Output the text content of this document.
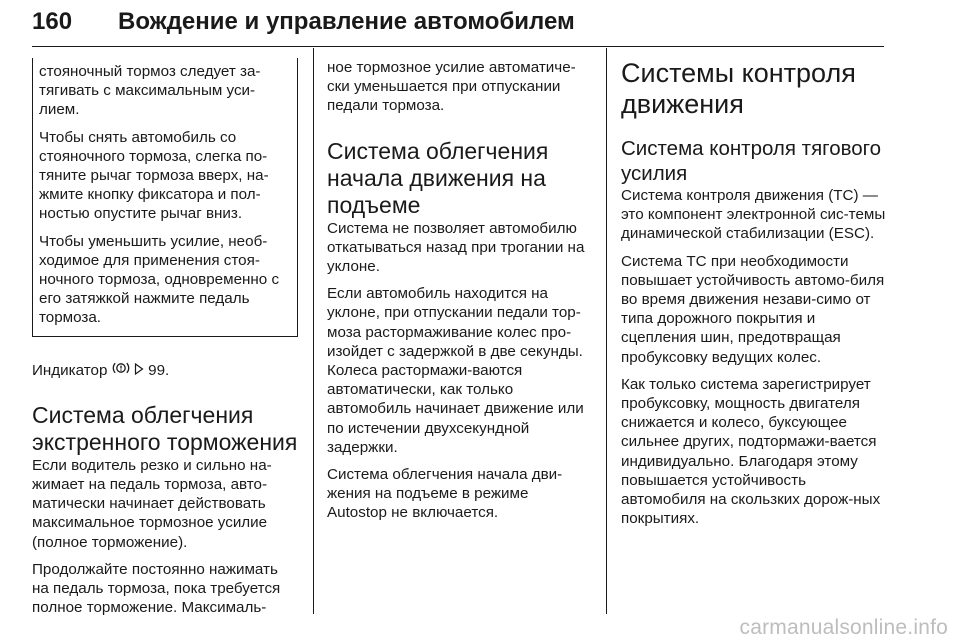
160 Вождение и управление автомобилем

стояночный тормоз следует за-тягивать с максимальным уси-лием.

Чтобы снять автомобиль со стояночного тормоза, слегка по-тяните рычаг тормоза вверх, на-жмите кнопку фиксатора и пол-ностью опустите рычаг вниз.

Чтобы уменьшить усилие, необ-ходимое для применения стоя-ночного тормоза, одновременно с его затяжкой нажмите педаль тормоза.

Индикатор	99.

Система облегчения экстренного торможения

Если водитель резко и сильно на-жимает на педаль тормоза, авто-матически начинает действовать максимальное тормозное усилие (полное торможение).

Продолжайте постоянно нажимать на педаль тормоза, пока требуется полное торможение. Максималь-

ное тормозное усилие автоматиче-ски уменьшается при отпускании педали тормоза.

Система облегчения начала движения на подъеме

Система не позволяет автомобилю откатываться назад при трогании на уклоне.

Если автомобиль находится на уклоне, при отпускании педали тор-моза растормаживание колес про-изойдет с задержкой в две секунды. Колеса растормажи-ваются автоматически, как только автомобиль начинает движение или по истечении двухсекундной задержки.

Система облегчения начала дви-жения на подъеме в режиме Autostop не включается.

Системы контроля движения
Система контроля тягового усилия

Система контроля движения (TC) — это компонент электронной сис-темы динамической стабилизации (ESC).

Система TC при необходимости повышает устойчивость автомо-биля во время движения незави-симо от типа дорожного покрытия и сцепления шин, предотвращая пробуксовку ведущих колес.

Как только система зарегистрирует пробуксовку, мощность двигателя снижается и колесо, буксующее сильнее других, подтормажи-вается индивидуально. Благодаря этому повышается устойчивость автомобиля на скользких дорож-ных покрытиях.

carmanualsonline.info
